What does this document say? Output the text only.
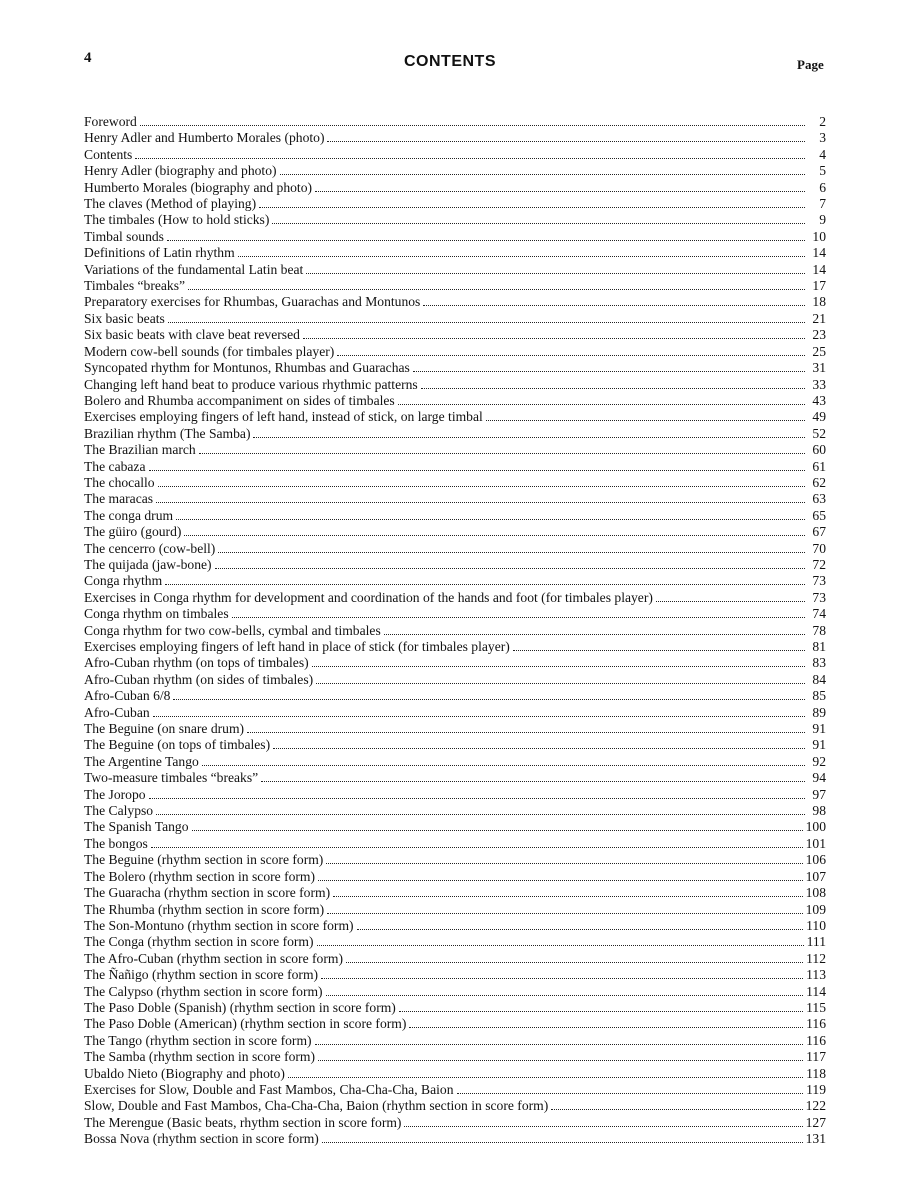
4	CONTENTS	Page
Foreword	2
Henry Adler and Humberto Morales (photo)	3
Contents	4
Henry Adler (biography and photo)	5
Humberto Morales (biography and photo)	6
The claves (Method of playing)	7
The timbales (How to hold sticks)	9
Timbal sounds	10
Definitions of Latin rhythm	14
Variations of the fundamental Latin beat	14
Timbales “breaks”	17
Preparatory exercises for Rhumbas, Guarachas and Montunos	18
Six basic beats	21
Six basic beats with clave beat reversed	23
Modern cow-bell sounds (for timbales player)	25
Syncopated rhythm for Montunos, Rhumbas and Guarachas	31
Changing left hand beat to produce various rhythmic patterns	33
Bolero and Rhumba accompaniment on sides of timbales	43
Exercises employing fingers of left hand, instead of stick, on large timbal	49
Brazilian rhythm (The Samba)	52
The Brazilian march	60
The cabaza	61
The chocallo	62
The maracas	63
The conga drum	65
The güiro (gourd)	67
The cencerro (cow-bell)	70
The quijada (jaw-bone)	72
Conga rhythm	73
Exercises in Conga rhythm for development and coordination of the hands and foot (for timbales player)	73
Conga rhythm on timbales	74
Conga rhythm for two cow-bells, cymbal and timbales	78
Exercises employing fingers of left hand in place of stick (for timbales player)	81
Afro-Cuban rhythm (on tops of timbales)	83
Afro-Cuban rhythm (on sides of timbales)	84
Afro-Cuban 6/8	85
Afro-Cuban	89
The Beguine (on snare drum)	91
The Beguine (on tops of timbales)	91
The Argentine Tango	92
Two-measure timbales “breaks”	94
The Joropo	97
The Calypso	98
The Spanish Tango	100
The bongos	101
The Beguine (rhythm section in score form)	106
The Bolero (rhythm section in score form)	107
The Guaracha (rhythm section in score form)	108
The Rhumba (rhythm section in score form)	109
The Son-Montuno (rhythm section in score form)	110
The Conga (rhythm section in score form)	111
The Afro-Cuban (rhythm section in score form)	112
The Ñañigo (rhythm section in score form)	113
The Calypso (rhythm section in score form)	114
The Paso Doble (Spanish) (rhythm section in score form)	115
The Paso Doble (American) (rhythm section in score form)	116
The Tango (rhythm section in score form)	116
The Samba (rhythm section in score form)	117
Ubaldo Nieto (Biography and photo)	118
Exercises for Slow, Double and Fast Mambos, Cha-Cha-Cha, Baion	119
Slow, Double and Fast Mambos, Cha-Cha-Cha, Baion (rhythm section in score form)	122
The Merengue (Basic beats, rhythm section in score form)	127
Bossa Nova (rhythm section in score form)	131
